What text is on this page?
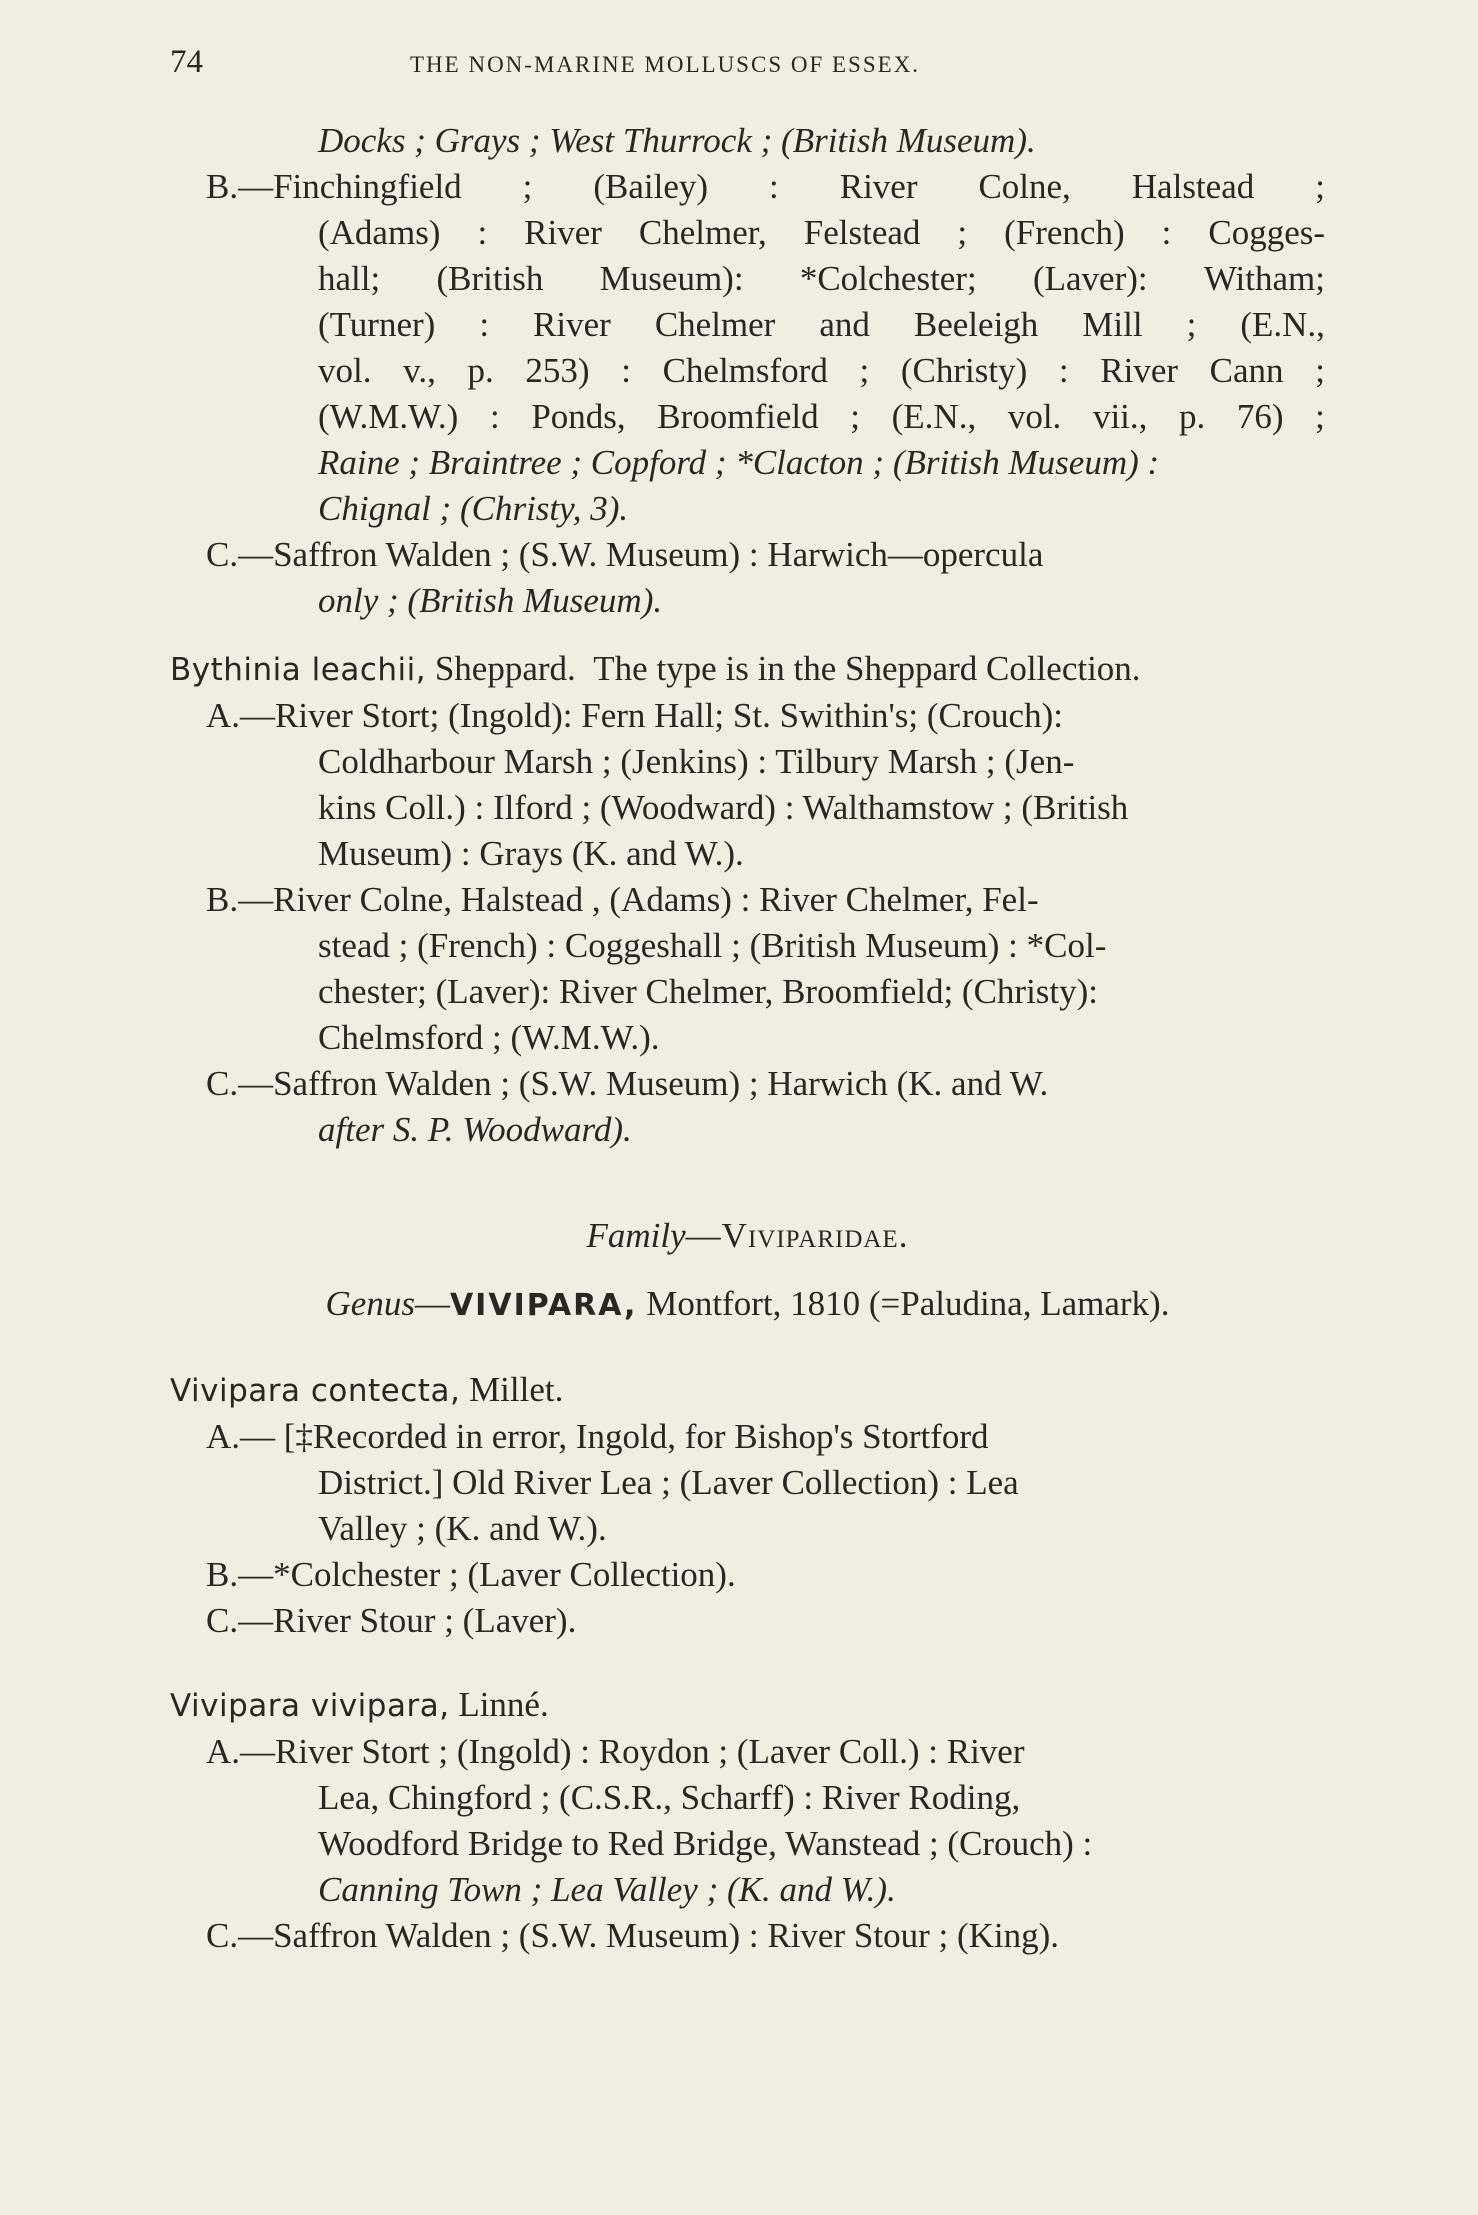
74	THE NON-MARINE MOLLUSCS OF ESSEX.
Docks ; Grays ; West Thurrock ; (British Museum).
B.—Finchingfield ; (Bailey) : River Colne, Halstead ;
(Adams) : River Chelmer, Felstead ; (French) : Cogges-
hall; (British Museum): *Colchester; (Laver): Witham;
(Turner) : River Chelmer and Beeleigh Mill ; (E.N.,
vol. v., p. 253) : Chelmsford ; (Christy) : River Cann ;
(W.M.W.) : Ponds, Broomfield ; (E.N., vol. vii., p. 76) ;
Raine ; Braintree ; Copford ; *Clacton ; (British Museum) :
Chignal ; (Christy, 3).
C.—Saffron Walden ; (S.W. Museum) : Harwich—opercula
only ; (British Museum).
Bythinia leachii, Sheppard. The type is in the Sheppard Collection.
A.—River Stort; (Ingold): Fern Hall; St. Swithin's; (Crouch):
Coldharbour Marsh ; (Jenkins) : Tilbury Marsh ; (Jen-
kins Coll.) : Ilford ; (Woodward) : Walthamstow ; (British
Museum) : Grays (K. and W.).
B.—River Colne, Halstead , (Adams) : River Chelmer, Fel-
stead ; (French) : Coggeshall ; (British Museum) : *Col-
chester; (Laver): River Chelmer, Broomfield; (Christy):
Chelmsford ; (W.M.W.).
C.—Saffron Walden ; (S.W. Museum) ; Harwich (K. and W.
after S. P. Woodward).
Family—Viviparidae.
Genus—VIVIPARA, Montfort, 1810 (=Paludina, Lamark).
Vivipara contecta, Millet.
A.— [‡Recorded in error, Ingold, for Bishop's Stortford
District.] Old River Lea ; (Laver Collection) : Lea
Valley ; (K. and W.).
B.—*Colchester ; (Laver Collection).
C.—River Stour ; (Laver).
Vivipara vivipara, Linné.
A.—River Stort ; (Ingold) : Roydon ; (Laver Coll.) : River
Lea, Chingford ; (C.S.R., Scharff) : River Roding,
Woodford Bridge to Red Bridge, Wanstead ; (Crouch) :
Canning Town ; Lea Valley ; (K. and W.).
C.—Saffron Walden ; (S.W. Museum) : River Stour ; (King).
